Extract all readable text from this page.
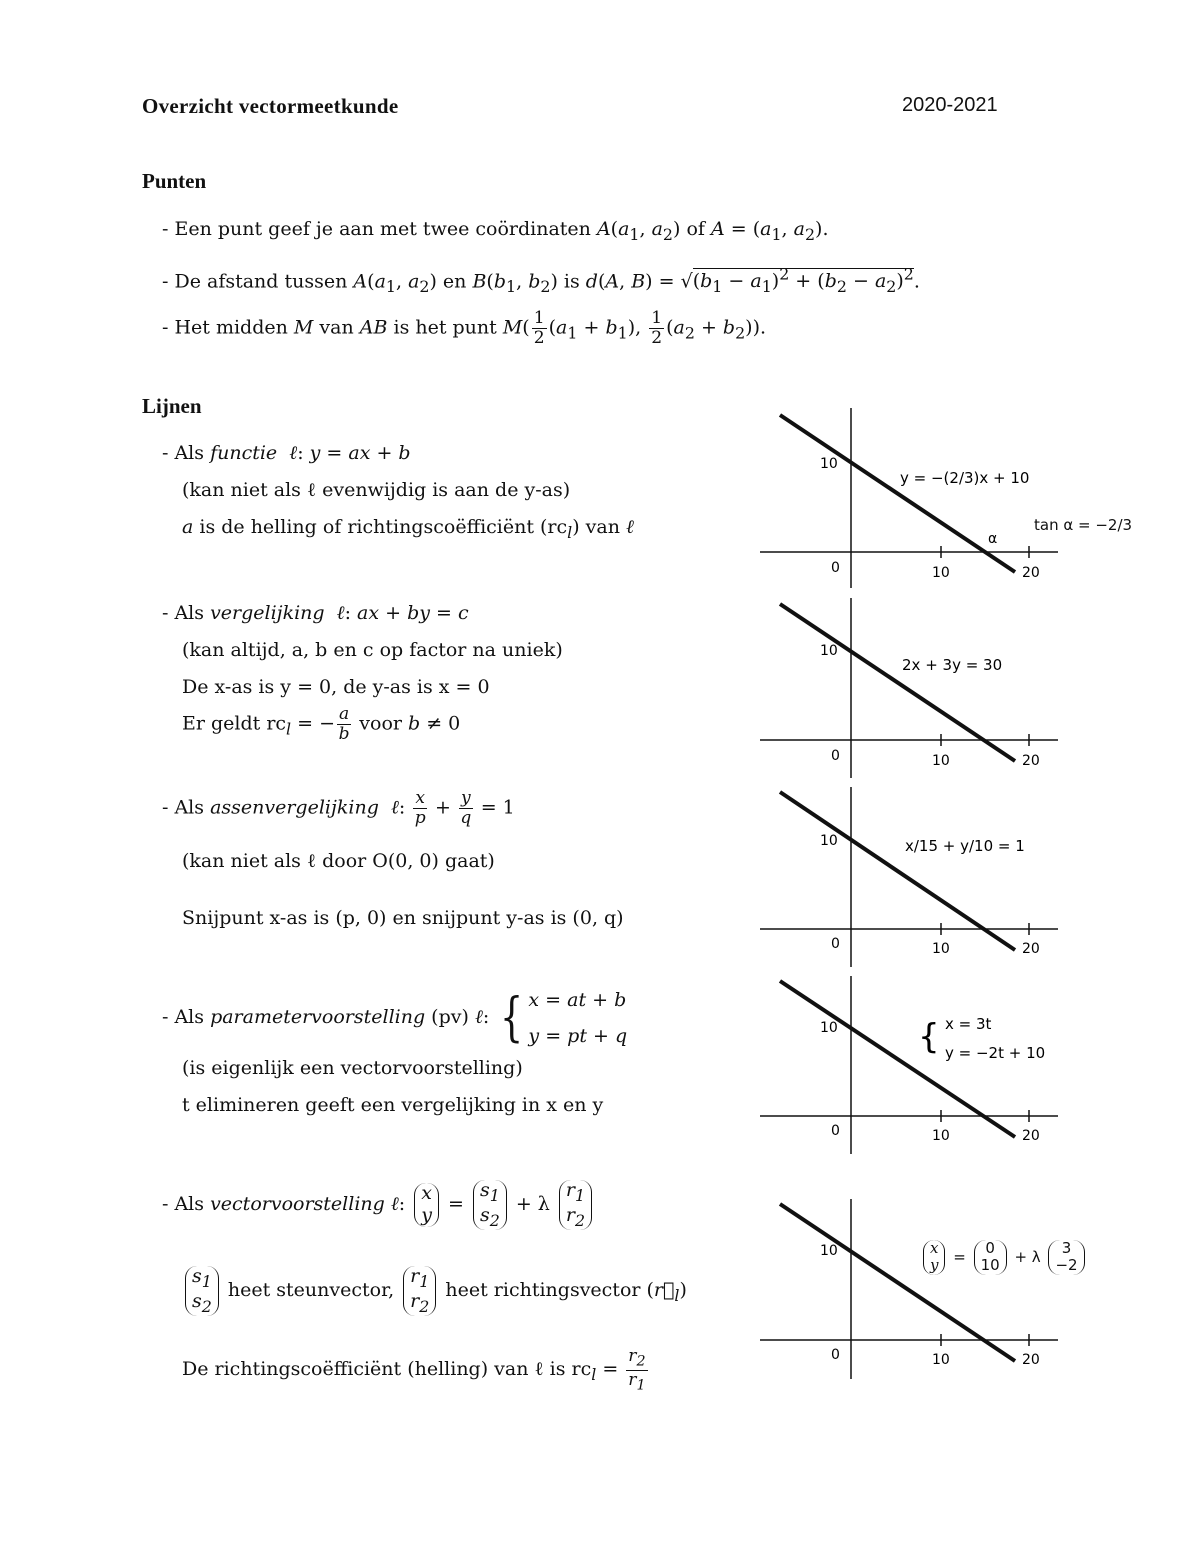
Overzicht vectormeetkunde	2020-2021
Punten
- Een punt geef je aan met twee coördinaten $A(a_1$, $a_2$) of $A = (a_1$, $a_2$).
- De afstand tussen $A(a_1$, $a_2$) en $B(b_1$, $b_2$) is d(A, $B) = √(b_1 - a_1)^2 + (b_2 - a_2)^2$.
- Het midden M van AB is het punt $M( \frac{1}{2} (a_1 + b_1)$, $\frac{1}{2} (a_2 + b_2)$).
Lijnen
- Als functie ℓ: y = ax + b
(kan niet als ℓ evenwijdig is aan de y-as)
a is de helling of richtingscoëfficiënt $(rc_l)$ van ℓ
- Als vergelijking ℓ: ax + by = c
(kan altijd, a, b en c op factor na uniek)
De x-as is y = 0, de y-as is x = 0
Er geldt $rc_l$ = − $\frac{a}{b}$ voor b ≠ 0
- Als assenvergelijking ℓ: $\frac{x}{p} + \frac{y}{q} = 1$
(kan niet als ℓ door O(0, 0) gaat)
Snijpunt x-as is (p, 0) en snijpunt y-as is (0, q)
- Als parametervoorstelling (pv) ℓ: { x = at + b
y = pt + q
(is eigenlijk een vectorvoorstelling)
t elimineren geeft een vergelijking in x en y
- Als vectorvoorstelling ℓ: x
y =
$s_1$
$s_2$
+ λ
$r_1$
$r_2$
$s_1$
$s_2$
heet steunvector,
$r_1$
$r_2$
heet richtingsvector $(r⃗_l)$
De richtingscoëfficiënt (helling) van ℓ is $rc_l = \frac{r_2}{r_1}$
0	10	20
10
y = −(2/3)x + 10
α
tan α = −2/3
0	10	20
10
2x + 3y = 30
0	10	20
10	x/15 + y/10 = 1
0	10	20
10 { x = 3t
y = −2t + 10
0	10	20
10	x
y = 0
10 + λ 3
−2
